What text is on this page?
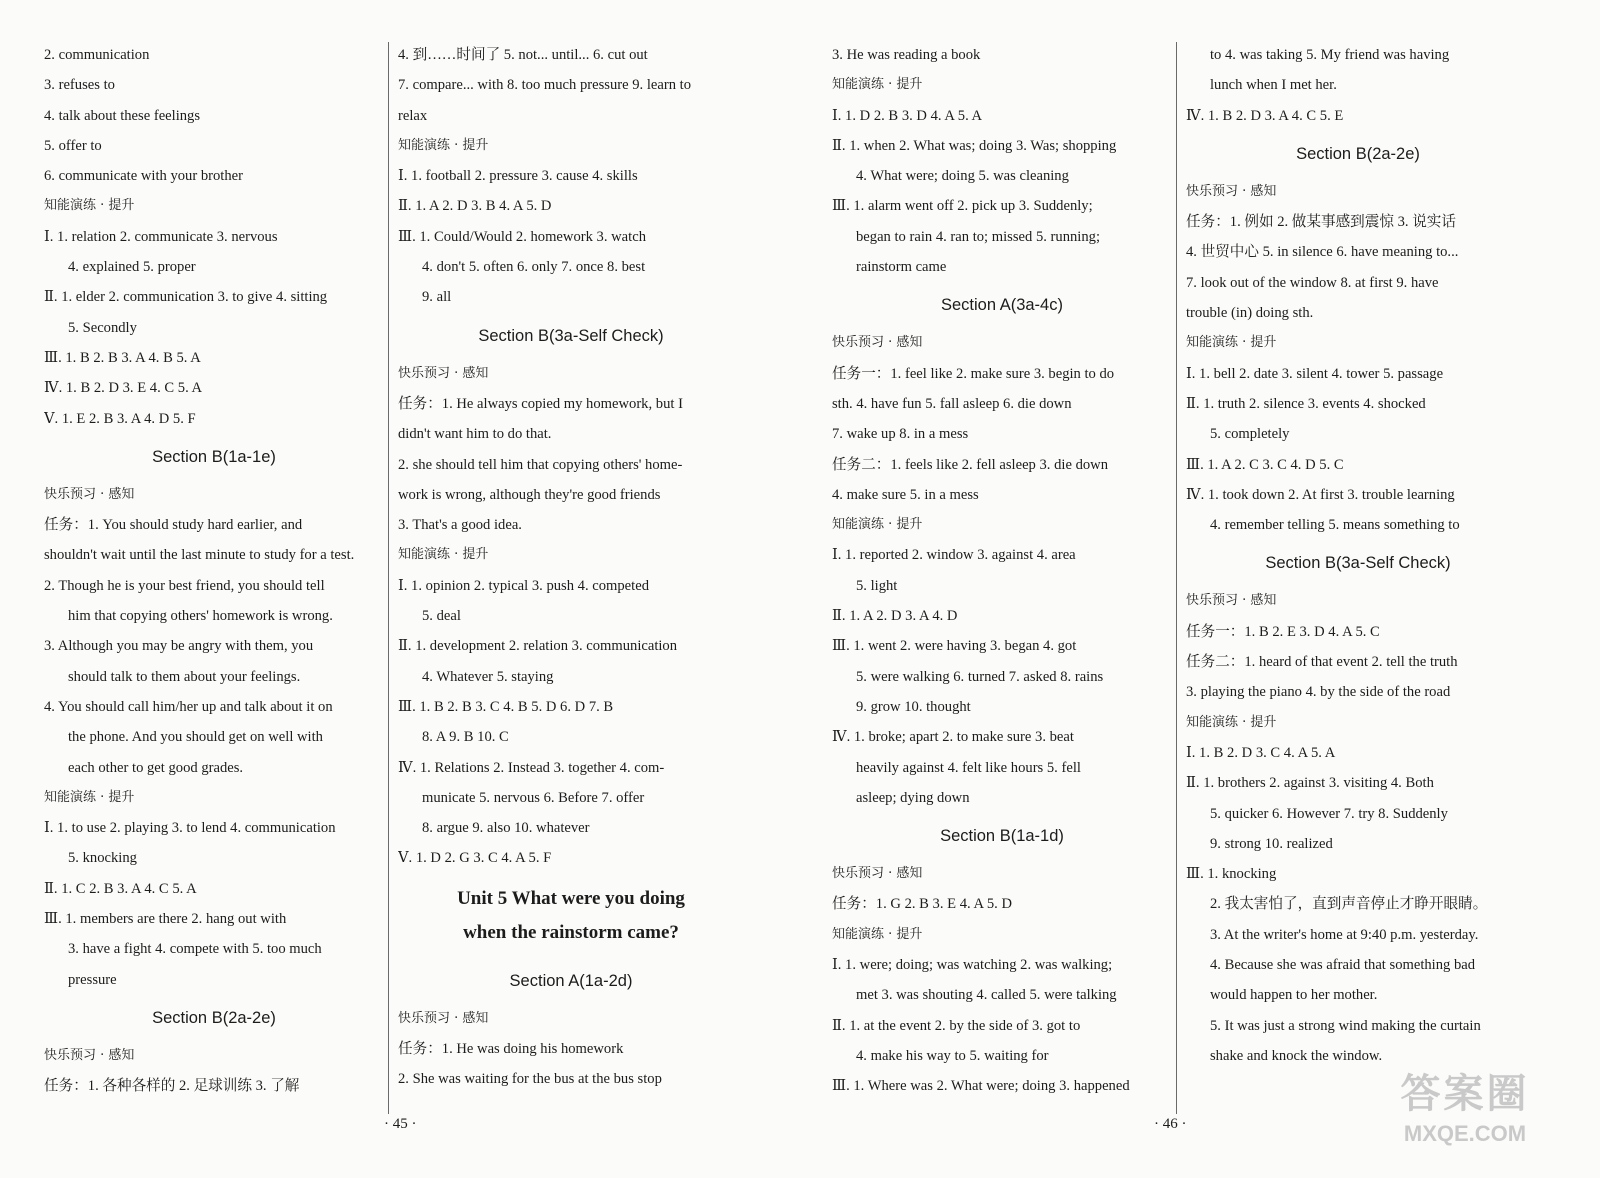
2. communication
3. refuses to
4. talk about these feelings
5. offer to
6. communicate with your brother
知能演练 · 提升
Ⅰ. 1. relation 2. communicate 3. nervous
4. explained 5. proper
Ⅱ. 1. elder 2. communication 3. to give 4. sitting
5. Secondly
Ⅲ. 1. B 2. B 3. A 4. B 5. A
Ⅳ. 1. B 2. D 3. E 4. C 5. A
Ⅴ. 1. E 2. B 3. A 4. D 5. F
Section B(1a-1e)
快乐预习 · 感知
任务：1. You should study hard earlier, and
shouldn't wait until the last minute to study for a test.
2. Though he is your best friend, you should tell
him that copying others' homework is wrong.
3. Although you may be angry with them, you
should talk to them about your feelings.
4. You should call him/her up and talk about it on
the phone. And you should get on well with
each other to get good grades.
知能演练 · 提升
Ⅰ. 1. to use 2. playing 3. to lend 4. communication
5. knocking
Ⅱ. 1. C 2. B 3. A 4. C 5. A
Ⅲ. 1. members are there 2. hang out with
3. have a fight 4. compete with 5. too much
pressure
Section B(2a-2e)
快乐预习 · 感知
任务：1. 各种各样的 2. 足球训练 3. 了解
4. 到……时间了 5. not... until... 6. cut out
7. compare... with 8. too much pressure 9. learn to
relax
知能演练 · 提升
Ⅰ. 1. football 2. pressure 3. cause 4. skills
Ⅱ. 1. A 2. D 3. B 4. A 5. D
Ⅲ. 1. Could/Would 2. homework 3. watch
4. don't 5. often 6. only 7. once 8. best
9. all
Section B(3a-Self Check)
快乐预习 · 感知
任务：1. He always copied my homework, but I
didn't want him to do that.
2. she should tell him that copying others' home-
work is wrong, although they're good friends
3. That's a good idea.
知能演练 · 提升
Ⅰ. 1. opinion 2. typical 3. push 4. competed
5. deal
Ⅱ. 1. development 2. relation 3. communication
4. Whatever 5. staying
Ⅲ. 1. B 2. B 3. C 4. B 5. D 6. D 7. B
8. A 9. B 10. C
Ⅳ. 1. Relations 2. Instead 3. together 4. com-
municate 5. nervous 6. Before 7. offer
8. argue 9. also 10. whatever
Ⅴ. 1. D 2. G 3. C 4. A 5. F
Unit 5 What were you doing
when the rainstorm came?
Section A(1a-2d)
快乐预习 · 感知
任务：1. He was doing his homework
2. She was waiting for the bus at the bus stop
3. He was reading a book
知能演练 · 提升
Ⅰ. 1. D 2. B 3. D 4. A 5. A
Ⅱ. 1. when 2. What was; doing 3. Was; shopping
4. What were; doing 5. was cleaning
Ⅲ. 1. alarm went off 2. pick up 3. Suddenly;
began to rain 4. ran to; missed 5. running;
rainstorm came
Section A(3a-4c)
快乐预习 · 感知
任务一：1. feel like 2. make sure 3. begin to do
sth. 4. have fun 5. fall asleep 6. die down
7. wake up 8. in a mess
任务二：1. feels like 2. fell asleep 3. die down
4. make sure 5. in a mess
知能演练 · 提升
Ⅰ. 1. reported 2. window 3. against 4. area
5. light
Ⅱ. 1. A 2. D 3. A 4. D
Ⅲ. 1. went 2. were having 3. began 4. got
5. were walking 6. turned 7. asked 8. rains
9. grow 10. thought
Ⅳ. 1. broke; apart 2. to make sure 3. beat
heavily against 4. felt like hours 5. fell
asleep; dying down
Section B(1a-1d)
快乐预习 · 感知
任务：1. G 2. B 3. E 4. A 5. D
知能演练 · 提升
Ⅰ. 1. were; doing; was watching 2. was walking;
met 3. was shouting 4. called 5. were talking
Ⅱ. 1. at the event 2. by the side of 3. got to
4. make his way to 5. waiting for
Ⅲ. 1. Where was 2. What were; doing 3. happened
to 4. was taking 5. My friend was having
lunch when I met her.
Ⅳ. 1. B 2. D 3. A 4. C 5. E
Section B(2a-2e)
快乐预习 · 感知
任务：1. 例如 2. 做某事感到震惊 3. 说实话
4. 世贸中心 5. in silence 6. have meaning to...
7. look out of the window 8. at first 9. have
trouble (in) doing sth.
知能演练 · 提升
Ⅰ. 1. bell 2. date 3. silent 4. tower 5. passage
Ⅱ. 1. truth 2. silence 3. events 4. shocked
5. completely
Ⅲ. 1. A 2. C 3. C 4. D 5. C
Ⅳ. 1. took down 2. At first 3. trouble learning
4. remember telling 5. means something to
Section B(3a-Self Check)
快乐预习 · 感知
任务一：1. B 2. E 3. D 4. A 5. C
任务二：1. heard of that event 2. tell the truth
3. playing the piano 4. by the side of the road
知能演练 · 提升
Ⅰ. 1. B 2. D 3. C 4. A 5. A
Ⅱ. 1. brothers 2. against 3. visiting 4. Both
5. quicker 6. However 7. try 8. Suddenly
9. strong 10. realized
Ⅲ. 1. knocking
2. 我太害怕了，直到声音停止才睁开眼睛。
3. At the writer's home at 9:40 p.m. yesterday.
4. Because she was afraid that something bad
would happen to her mother.
5. It was just a strong wind making the curtain
shake and knock the window.
· 45 ·	· 46 ·
答案圈
MXQE.COM
